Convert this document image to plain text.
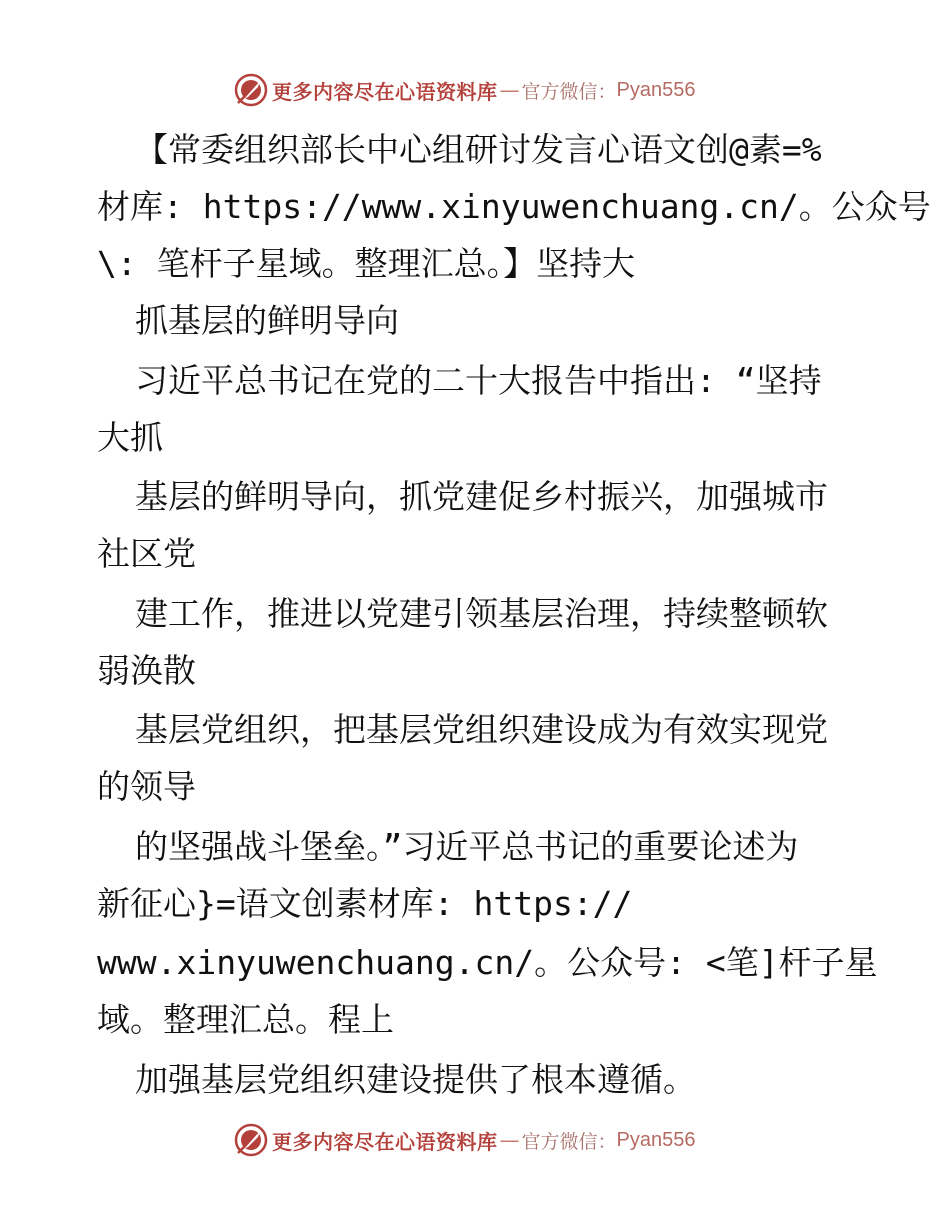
更多内容尽在心语资料库 — 官方微信： Pyan556
【常委组织部长中心组研讨发言心语文创@素=%
材库: https://www.xinyuwenchuang.cn/。公众号
\: 笔杆子星域。整理汇总。】坚持大
抓基层的鲜明导向
习近平总书记在党的二十大报告中指出: “坚持
大抓
基层的鲜明导向，抓党建促乡村振兴，加强城市
社区党
建工作，推进以党建引领基层治理，持续整顿软
弱涣散
基层党组织，把基层党组织建设成为有效实现党
的领导
的坚强战斗堡垒。”习近平总书记的重要论述为
新征心}=语文创素材库: https://
www.xinyuwenchuang.cn/。公众号: <笔]杆子星
域。整理汇总。程上
加强基层党组织建设提供了根本遵循。
更多内容尽在心语资料库 — 官方微信： Pyan556
